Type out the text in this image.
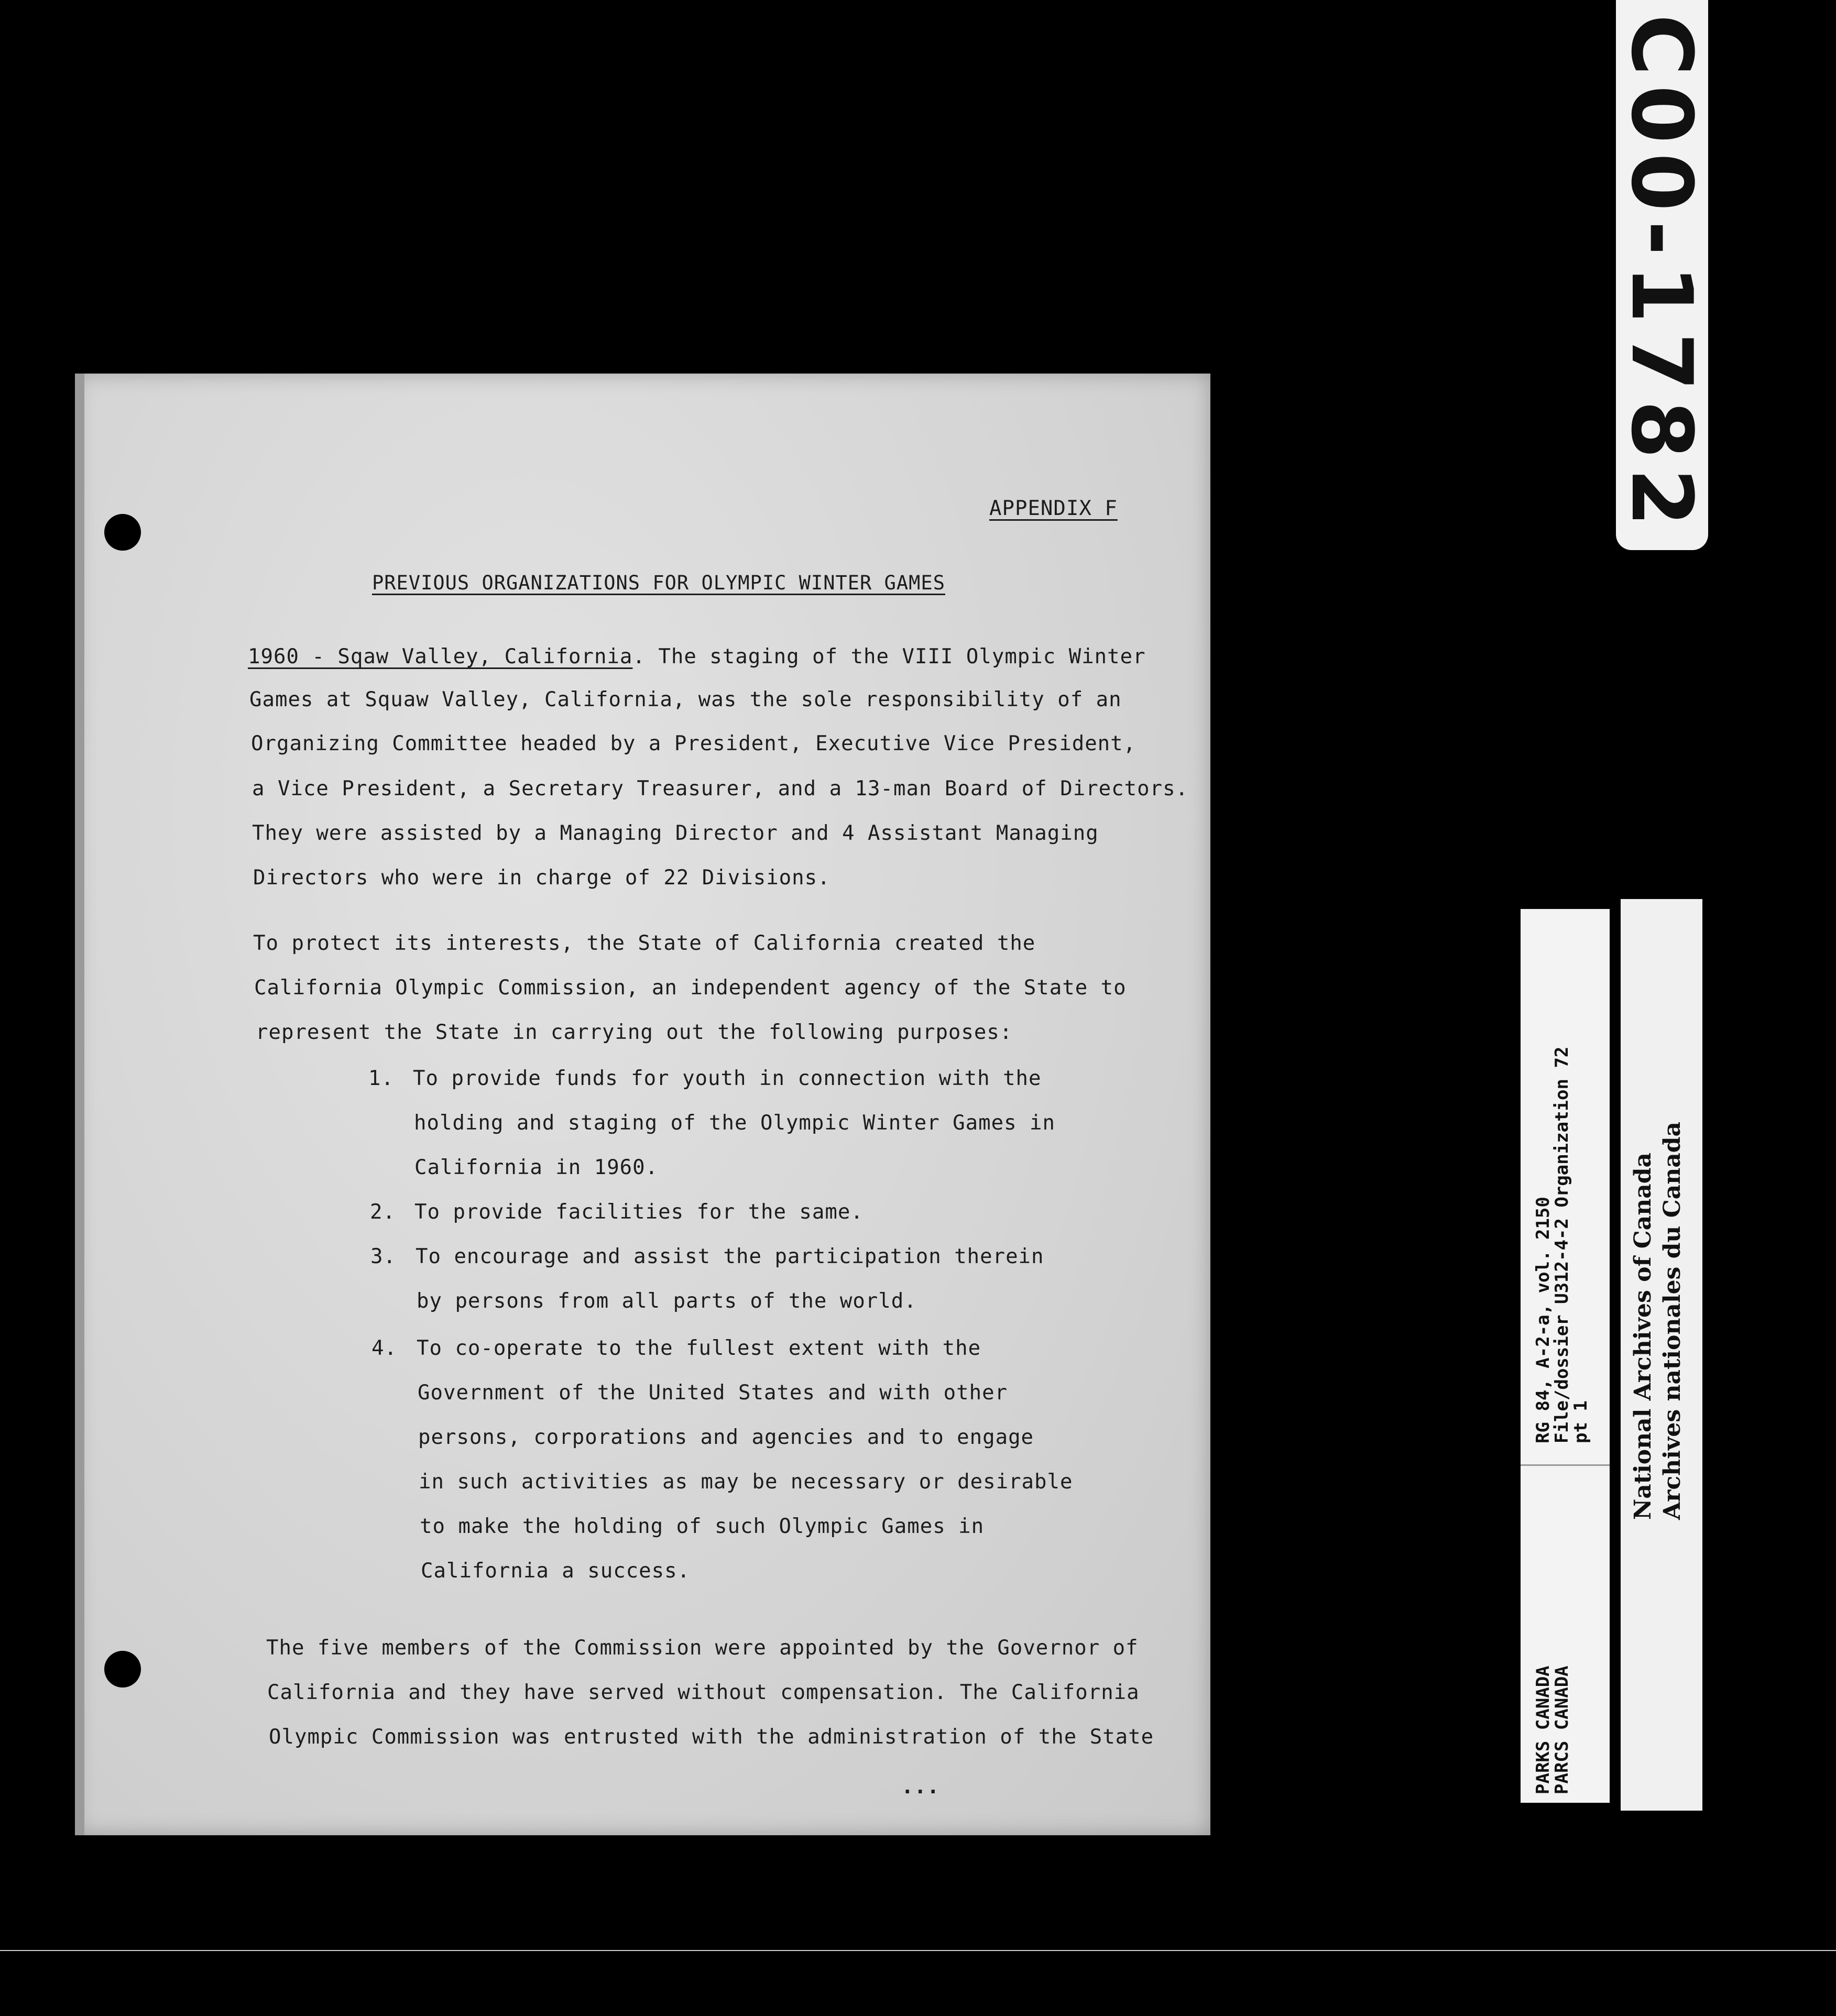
C00-1782
APPENDIX F
PREVIOUS ORGANIZATIONS FOR OLYMPIC WINTER GAMES
1960 - Sqaw Valley, California. The staging of the VIII Olympic Winter
Games at Squaw Valley, California, was the sole responsibility of an
Organizing Committee headed by a President, Executive Vice President,
a Vice President, a Secretary Treasurer, and a 13-man Board of Directors.
They were assisted by a Managing Director and 4 Assistant Managing
Directors who were in charge of 22 Divisions.
To protect its interests, the State of California created the
California Olympic Commission, an independent agency of the State to
represent the State in carrying out the following purposes:
1. To provide funds for youth in connection with the
holding and staging of the Olympic Winter Games in
California in 1960.
2. To provide facilities for the same.
3. To encourage and assist the participation therein
by persons from all parts of the world.
4. To co-operate to the fullest extent with the
Government of the United States and with other
persons, corporations and agencies and to engage
in such activities as may be necessary or desirable
to make the holding of such Olympic Games in
California a success.
The five members of the Commission were appointed by the Governor of
California and they have served without compensation. The California
Olympic Commission was entrusted with the administration of the State
...
RG 84, A-2-a, vol. 2150
File/dossier U312-4-2 Organization 72
pt 1
PARKS CANADA
PARCS CANADA
National Archives of Canada
Archives nationales du Canada
